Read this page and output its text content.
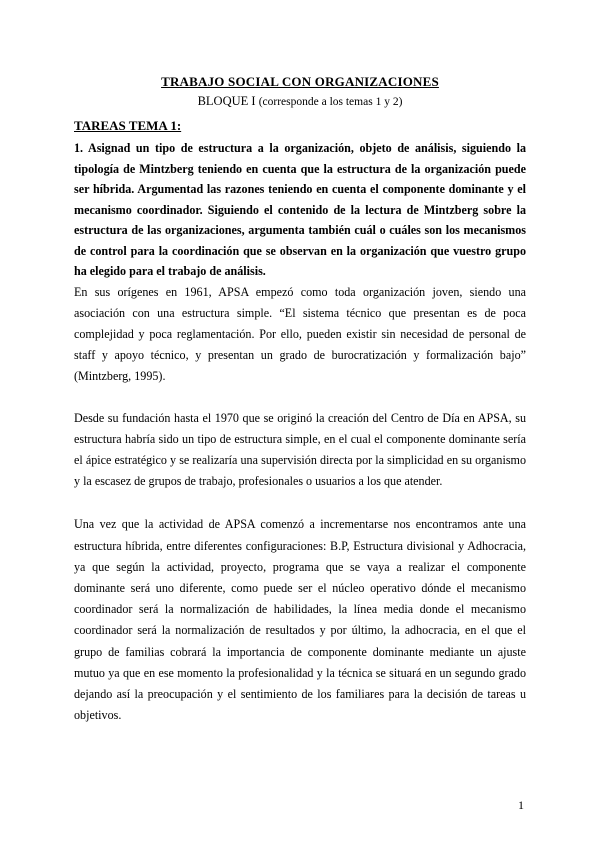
TRABAJO SOCIAL CON ORGANIZACIONES
BLOQUE I (corresponde a los temas 1 y 2)
TAREAS TEMA 1:

1. Asignad un tipo de estructura a la organización, objeto de análisis, siguiendo la tipología de Mintzberg teniendo en cuenta que la estructura de la organización puede ser híbrida. Argumentad las razones teniendo en cuenta el componente dominante y el mecanismo coordinador. Siguiendo el contenido de la lectura de Mintzberg sobre la estructura de las organizaciones, argumenta también cuál o cuáles son los mecanismos de control para la coordinación que se observan en la organización que vuestro grupo ha elegido para el trabajo de análisis.

En sus orígenes en 1961, APSA empezó como toda organización joven, siendo una asociación con una estructura simple. “El sistema técnico que presentan es de poca complejidad y poca reglamentación. Por ello, pueden existir sin necesidad de personal de staff y apoyo técnico, y presentan un grado de burocratización y formalización bajo” (Mintzberg, 1995).

Desde su fundación hasta el 1970 que se originó la creación del Centro de Día en APSA, su estructura habría sido un tipo de estructura simple, en el cual el componente dominante sería el ápice estratégico y se realizaría una supervisión directa por la simplicidad en su organismo y la escasez de grupos de trabajo, profesionales o usuarios a los que atender.

Una vez que la actividad de APSA comenzó a incrementarse nos encontramos ante una estructura híbrida, entre diferentes configuraciones: B.P, Estructura divisional y Adhocracia, ya que según la actividad, proyecto, programa que se vaya a realizar el componente dominante será uno diferente, como puede ser el núcleo operativo dónde el mecanismo coordinador será la normalización de habilidades, la línea media donde el mecanismo coordinador será la normalización de resultados y por último, la adhocracia, en el que el grupo de familias cobrará la importancia de componente dominante mediante un ajuste mutuo ya que en ese momento la profesionalidad y la técnica se situará en un segundo grado dejando así la preocupación y el sentimiento de los familiares para la decisión de tareas u objetivos.

1
